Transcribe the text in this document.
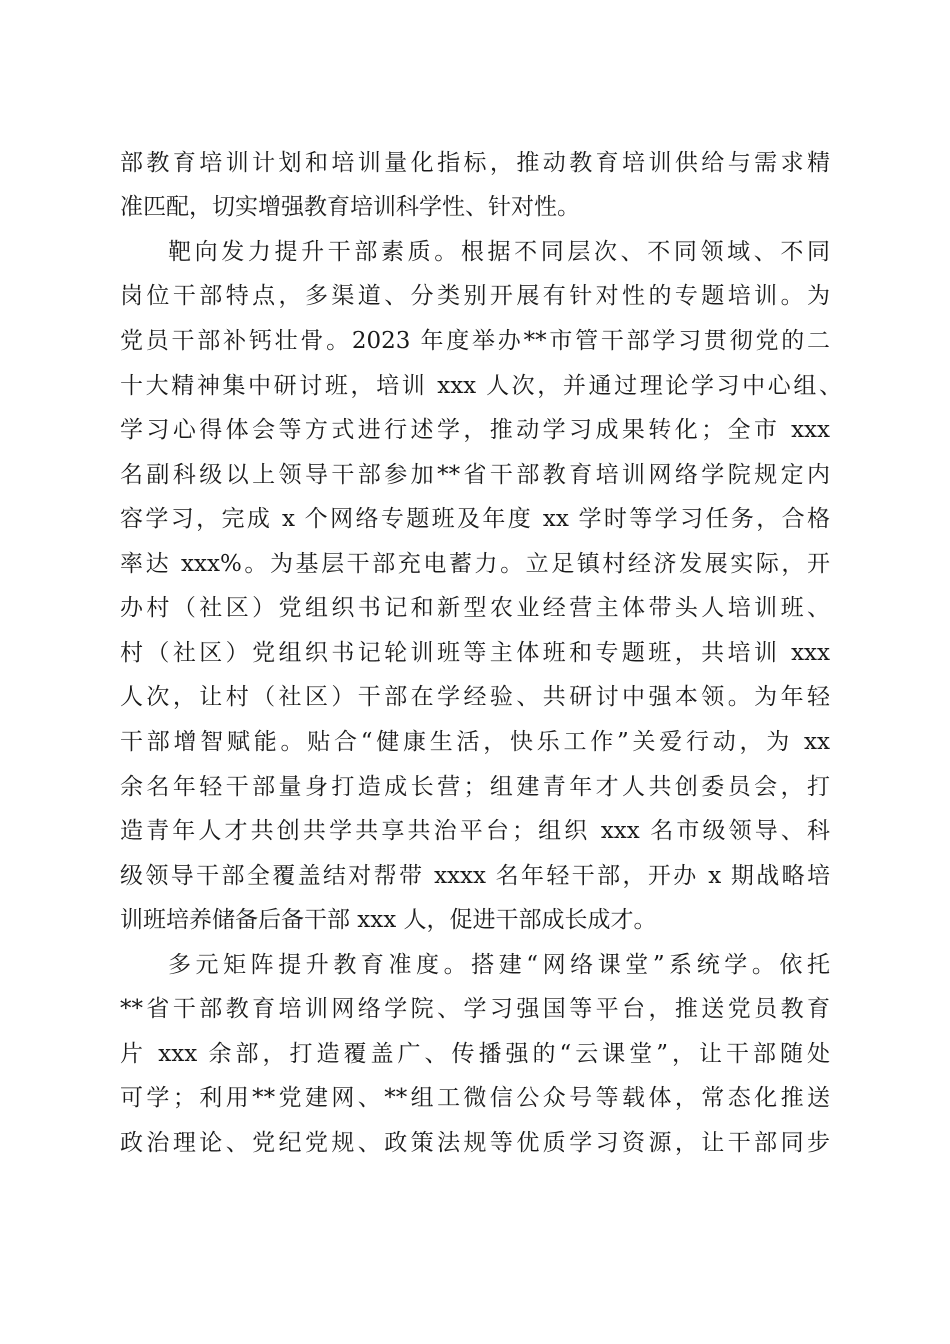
部教育培训计划和培训量化指标，推动教育培训供给与需求精

准匹配，切实增强教育培训科学性、针对性。

靶向发力提升干部素质。根据不同层次、不同领域、不同

岗位干部特点，多渠道、分类别开展有针对性的专题培训。为

党员干部补钙壮骨。2023 年度举办**市管干部学习贯彻党的二

十大精神集中研讨班，培训 xxx 人次，并通过理论学习中心组、

学习心得体会等方式进行述学，推动学习成果转化；全市 xxx

名副科级以上领导干部参加**省干部教育培训网络学院规定内

容学习，完成 x 个网络专题班及年度 xx 学时等学习任务，合格

率达 xxx%。为基层干部充电蓄力。立足镇村经济发展实际，开

办村（社区）党组织书记和新型农业经营主体带头人培训班、

村（社区）党组织书记轮训班等主体班和专题班，共培训 xxx

人次，让村（社区）干部在学经验、共研讨中强本领。为年轻

干部增智赋能。贴合“健康生活，快乐工作”关爱行动，为 xx

余名年轻干部量身打造成长营；组建青年才人共创委员会，打

造青年人才共创共学共享共治平台；组织 xxx 名市级领导、科

级领导干部全覆盖结对帮带 xxxx 名年轻干部，开办 x 期战略培

训班培养储备后备干部 xxx 人，促进干部成长成才。

多元矩阵提升教育准度。搭建“网络课堂”系统学。依托

**省干部教育培训网络学院、学习强国等平台，推送党员教育

片 xxx 余部，打造覆盖广、传播强的“云课堂”，让干部随处

可学；利用**党建网、**组工微信公众号等载体，常态化推送

政治理论、党纪党规、政策法规等优质学习资源，让干部同步
